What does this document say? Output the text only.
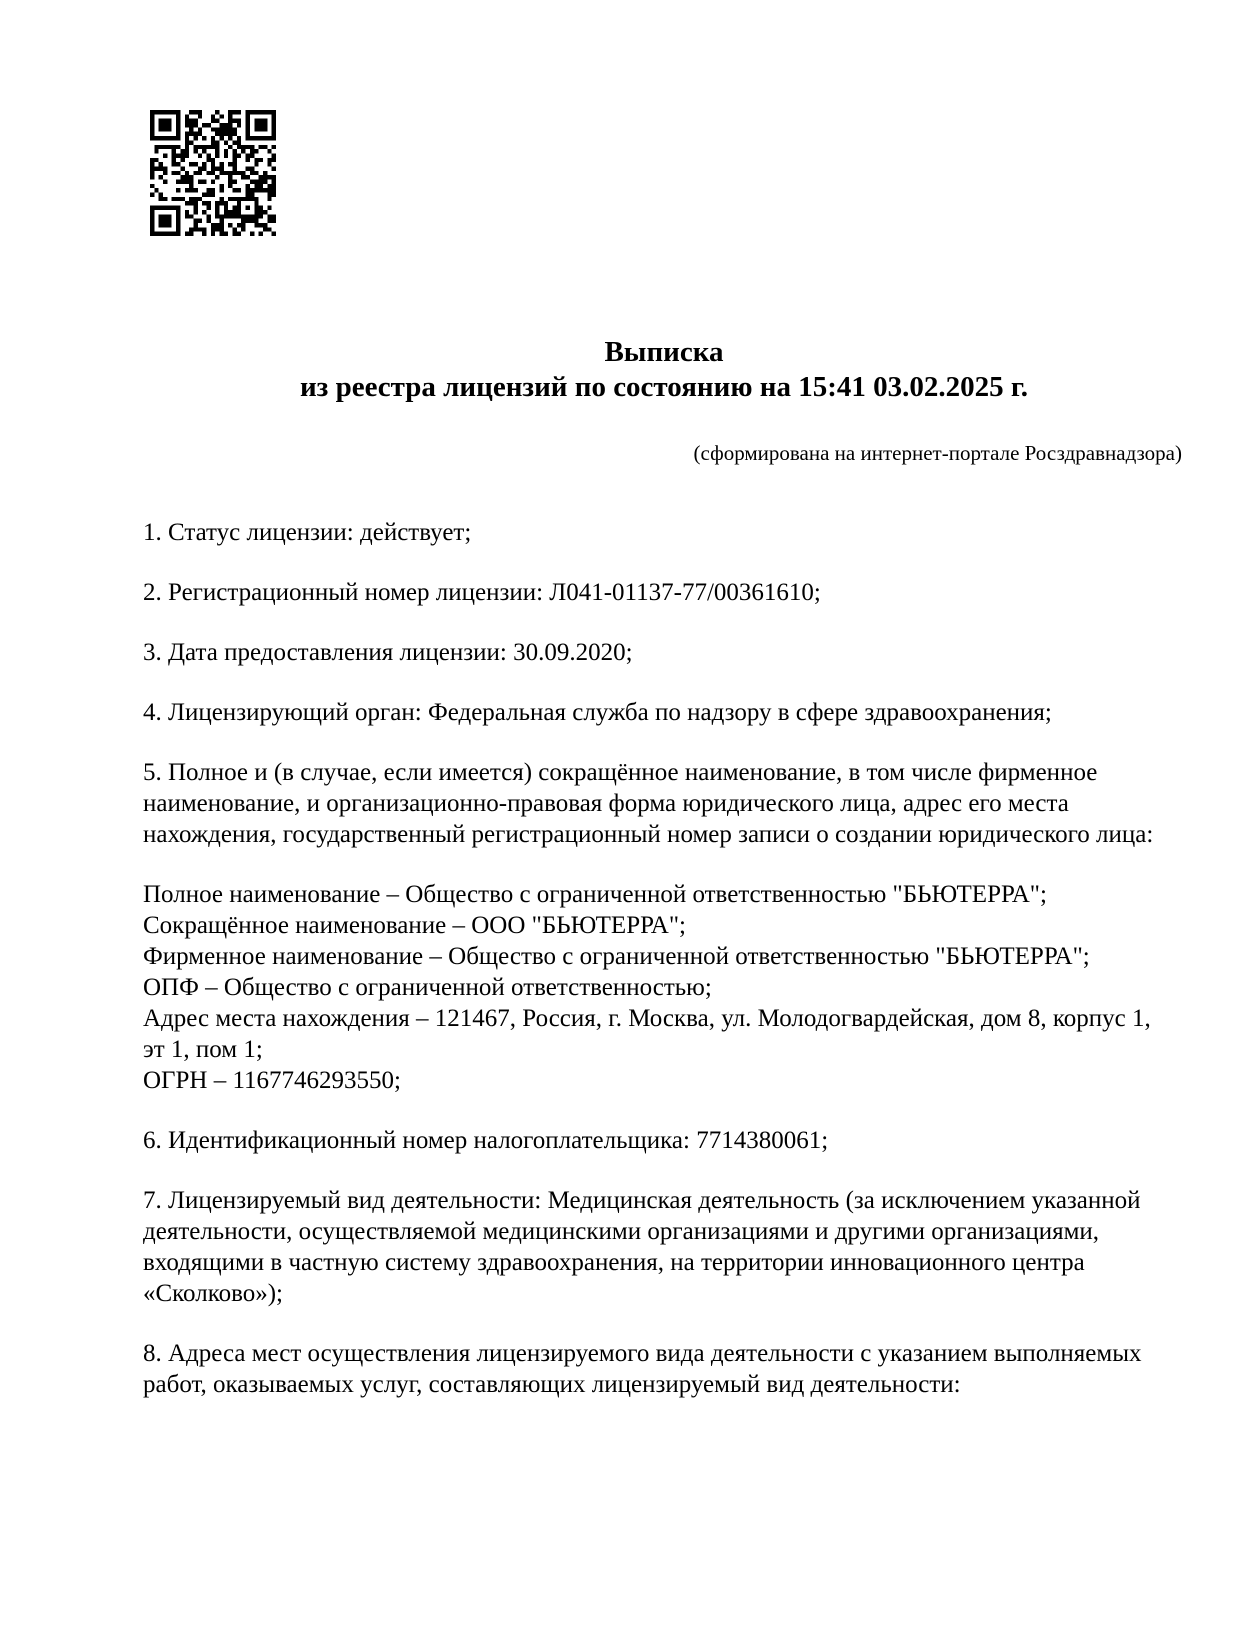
Выписка
из реестра лицензий по состоянию на 15:41 03.02.2025 г.
(сформирована на интернет-портале Росздравнадзора)
1. Статус лицензии: действует;
2. Регистрационный номер лицензии: Л041-01137-77/00361610;
3. Дата предоставления лицензии: 30.09.2020;
4. Лицензирующий орган: Федеральная служба по надзору в сфере здравоохранения;
5. Полное и (в случае, если имеется) сокращённое наименование, в том числе фирменное
наименование, и организационно-правовая форма юридического лица, адрес его места
нахождения, государственный регистрационный номер записи о создании юридического лица:
Полное наименование – Общество с ограниченной ответственностью "БЬЮТЕРРА";
Сокращённое наименование – ООО "БЬЮТЕРРА";
Фирменное наименование – Общество с ограниченной ответственностью "БЬЮТЕРРА";
ОПФ – Общество с ограниченной ответственностью;
Адрес места нахождения – 121467, Россия, г. Москва, ул. Молодогвардейская, дом 8, корпус 1,
эт 1, пом 1;
ОГРН – 1167746293550;
6. Идентификационный номер налогоплательщика: 7714380061;
7. Лицензируемый вид деятельности: Медицинская деятельность (за исключением указанной
деятельности, осуществляемой медицинскими организациями и другими организациями,
входящими в частную систему здравоохранения, на территории инновационного центра
«Сколково»);
8. Адреса мест осуществления лицензируемого вида деятельности с указанием выполняемых
работ, оказываемых услуг, составляющих лицензируемый вид деятельности:
